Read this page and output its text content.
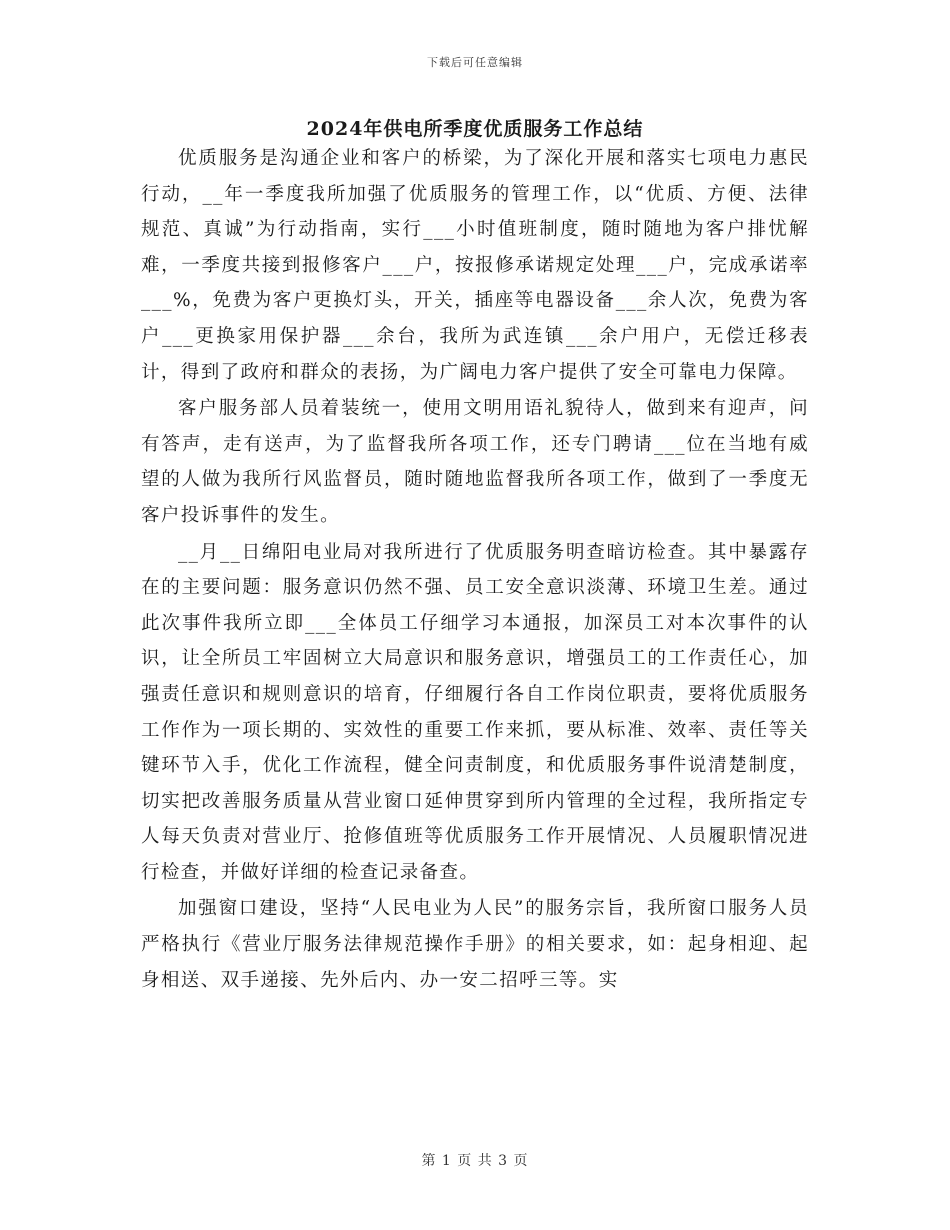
下载后可任意编辑
2024年供电所季度优质服务工作总结

优质服务是沟通企业和客户的桥梁，为了深化开展和落实七项电力惠民行动，__年一季度我所加强了优质服务的管理工作，以“优质、方便、法律规范、真诚”为行动指南，实行___小时值班制度，随时随地为客户排忧解难，一季度共接到报修客户___户，按报修承诺规定处理___户，完成承诺率___%，免费为客户更换灯头，开关，插座等电器设备___余人次，免费为客户___更换家用保护器___余台，我所为武连镇___余户用户，无偿迁移表计，得到了政府和群众的表扬，为广阔电力客户提供了安全可靠电力保障。

客户服务部人员着装统一，使用文明用语礼貌待人，做到来有迎声，问有答声，走有送声，为了监督我所各项工作，还专门聘请___位在当地有威望的人做为我所行风监督员，随时随地监督我所各项工作，做到了一季度无客户投诉事件的发生。

__月__日绵阳电业局对我所进行了优质服务明查暗访检查。其中暴露存在的主要问题：服务意识仍然不强、员工安全意识淡薄、环境卫生差。通过此次事件我所立即___全体员工仔细学习本通报，加深员工对本次事件的认识，让全所员工牢固树立大局意识和服务意识，增强员工的工作责任心，加强责任意识和规则意识的培育，仔细履行各自工作岗位职责，要将优质服务工作作为一项长期的、实效性的重要工作来抓，要从标准、效率、责任等关键环节入手，优化工作流程，健全问责制度，和优质服务事件说清楚制度，切实把改善服务质量从营业窗口延伸贯穿到所内管理的全过程，我所指定专人每天负责对营业厅、抢修值班等优质服务工作开展情况、人员履职情况进行检查，并做好详细的检查记录备查。

加强窗口建设，坚持“人民电业为人民”的服务宗旨，我所窗口服务人员严格执行《营业厅服务法律规范操作手册》的相关要求，如：起身相迎、起身相送、双手递接、先外后内、办一安二招呼三等。实

第 1 页 共 3 页
